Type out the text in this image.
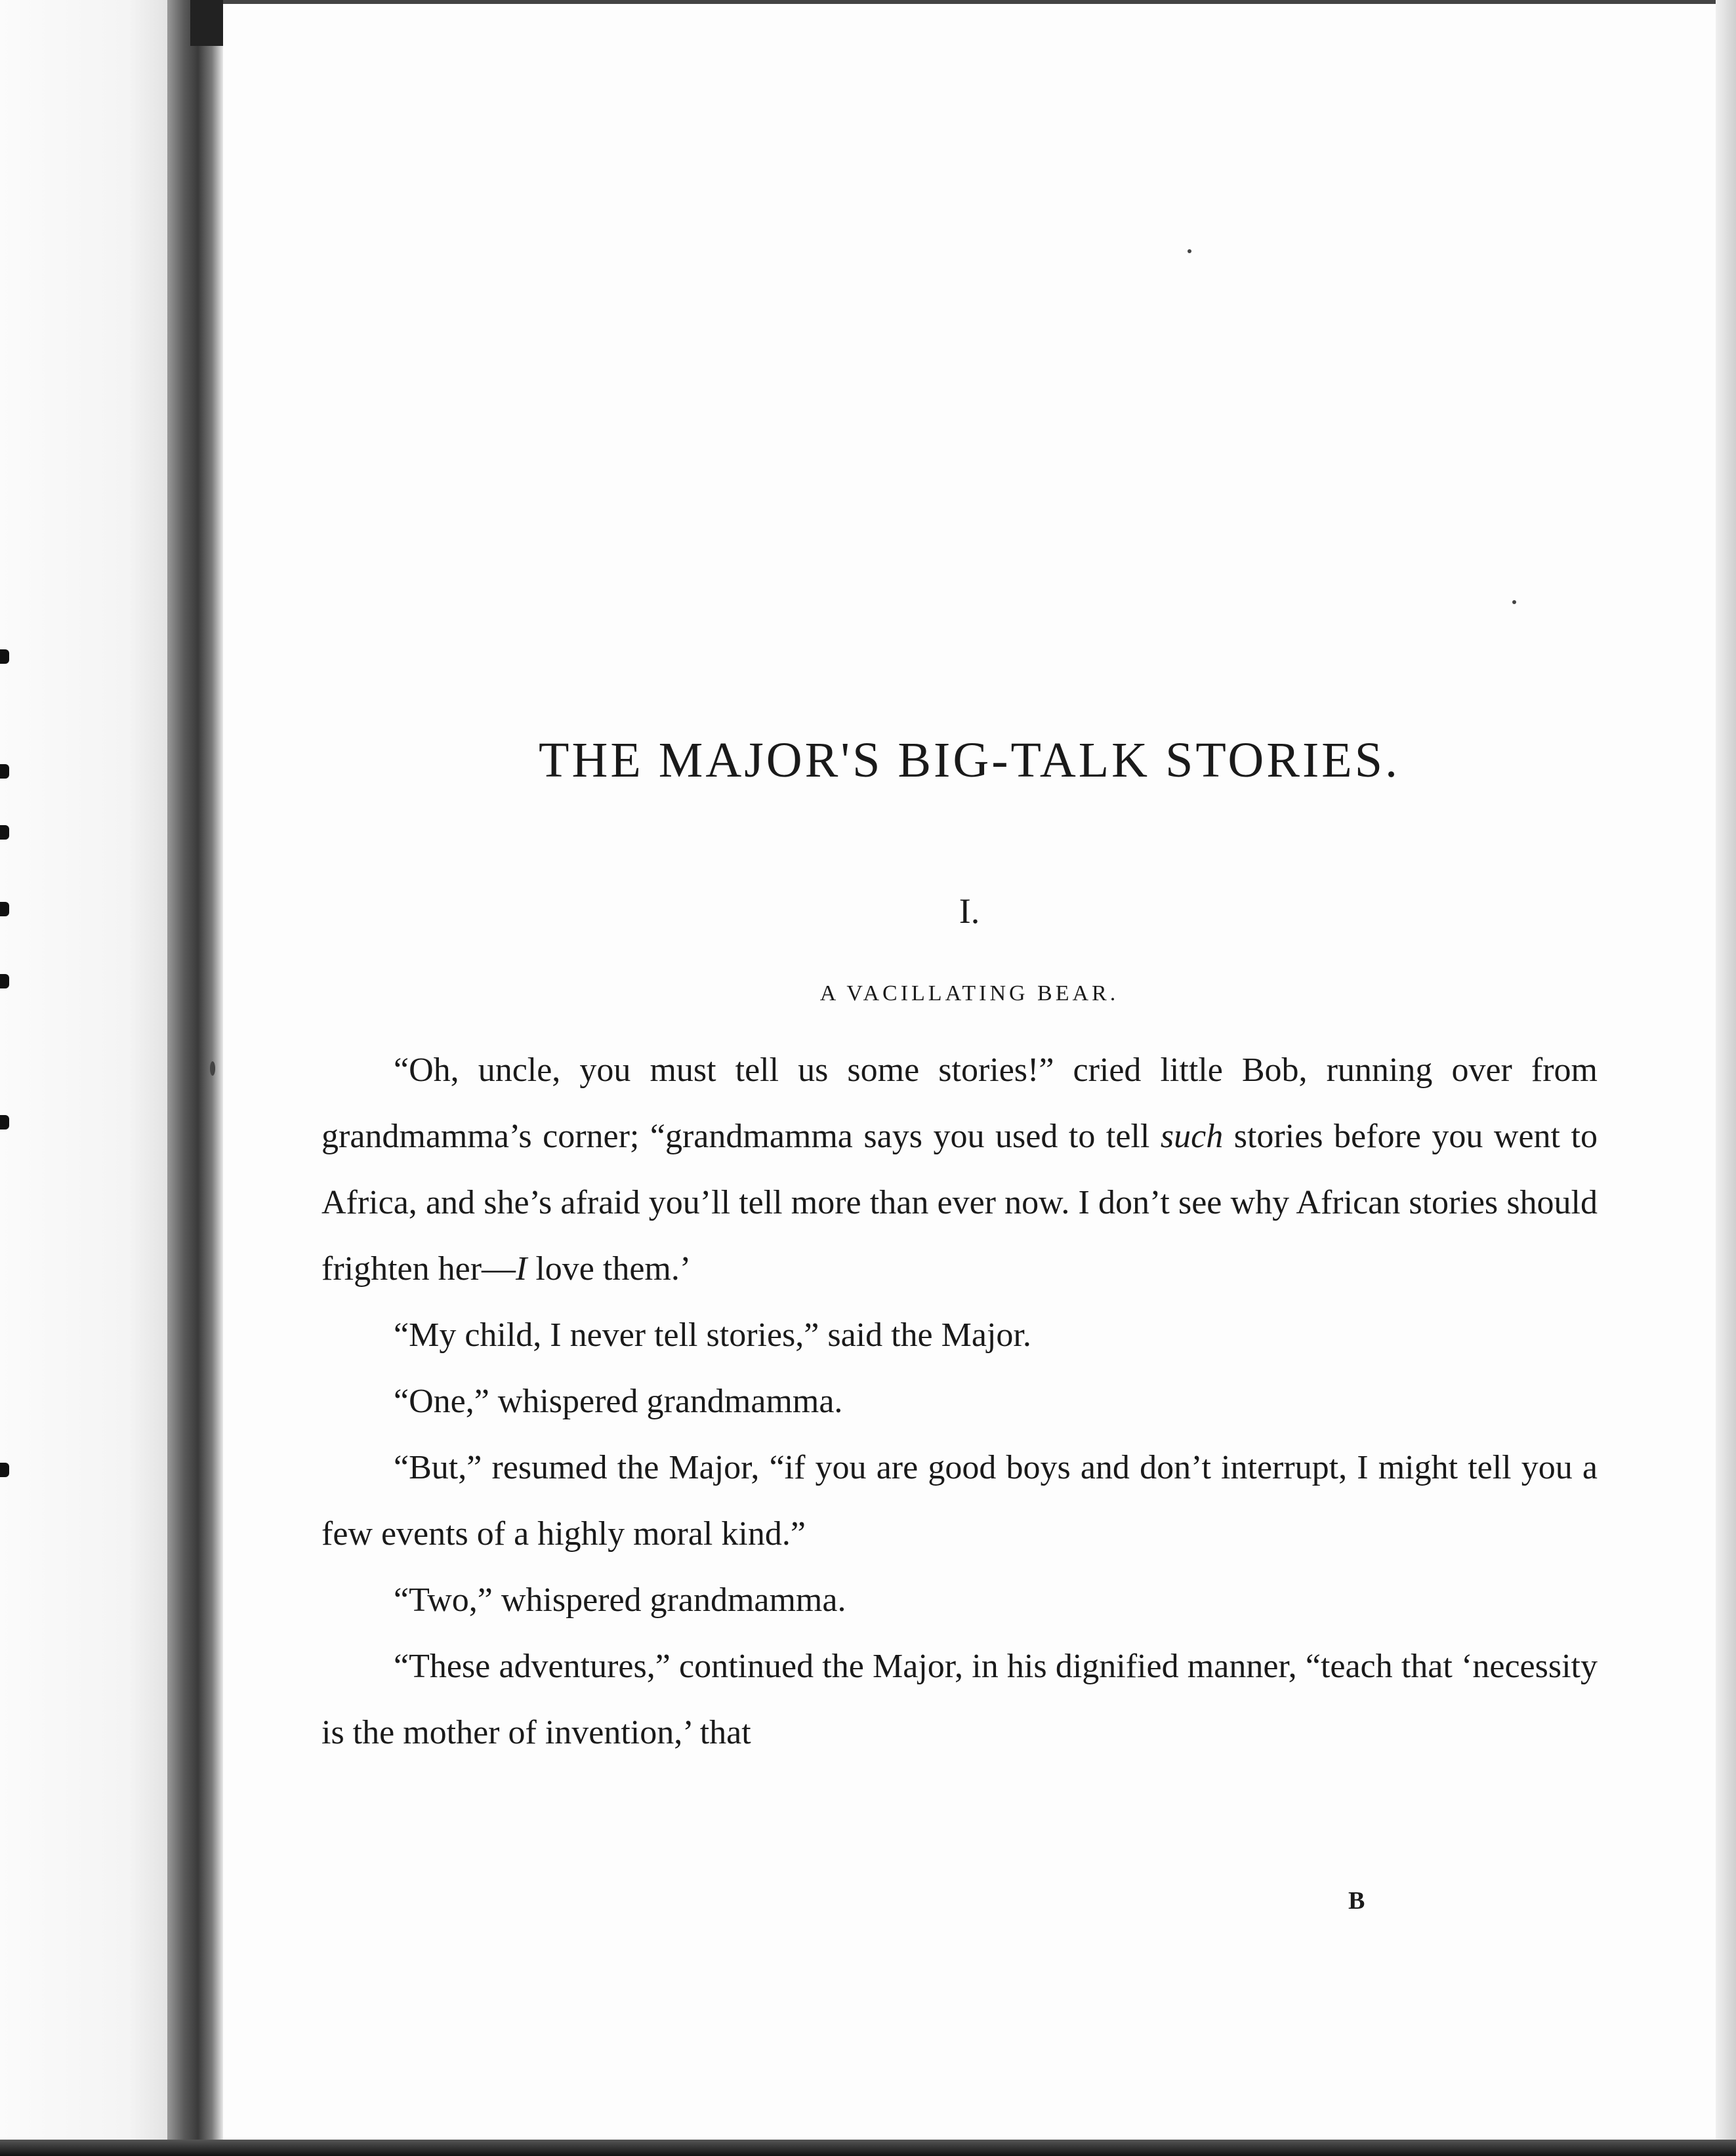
THE MAJOR'S BIG-TALK STORIES.
I.
A VACILLATING BEAR.

“Oh, uncle, you must tell us some stories!” cried little Bob, running over from grandmamma’s corner; “grandmamma says you used to tell such stories before you went to Africa, and she’s afraid you’ll tell more than ever now. I don’t see why African stories should frighten her—I love them.’

“My child, I never tell stories,” said the Major.

“One,” whispered grandmamma.

“But,” resumed the Major, “if you are good boys and don’t interrupt, I might tell you a few events of a highly moral kind.”

“Two,” whispered grandmamma.

“These adventures,” continued the Major, in his dignified manner, “teach that ‘necessity is the mother of invention,’ that

B
